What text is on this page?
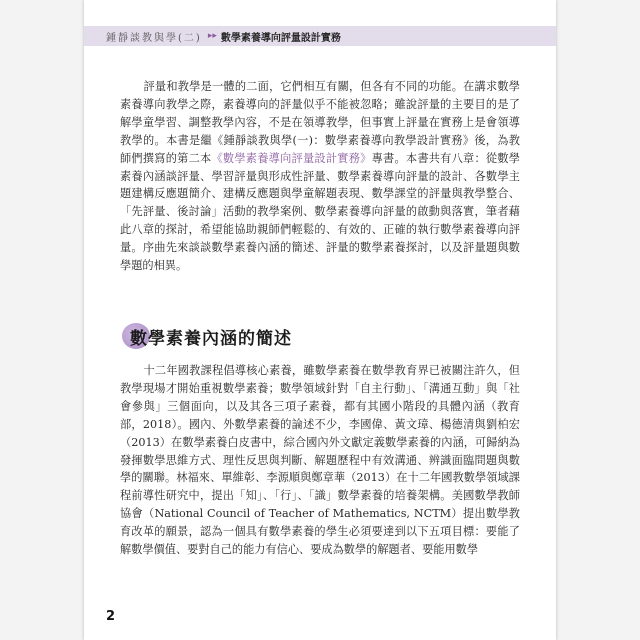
鍾靜談教與學(二) ▸▸ 數學素養導向評量設計實務

評量和教學是一體的二面，它們相互有關，但各有不同的功能。在講求數學素養導向教學之際，素養導向的評量似乎不能被忽略；雖說評量的主要目的是了解學童學習、調整教學內容，不是在領導教學，但事實上評量在實務上是會領導教學的。本書是繼《鍾靜談教與學(一)：數學素養導向教學設計實務》後，為教師們撰寫的第二本《數學素養導向評量設計實務》專書。本書共有八章：從數學素養內涵談評量、學習評量與形成性評量、數學素養導向評量的設計、各數學主題建構反應題簡介、建構反應題與學童解題表現、數學課堂的評量與教學整合、「先評量、後討論」活動的教學案例、數學素養導向評量的啟動與落實，筆者藉此八章的探討，希望能協助親師們輕鬆的、有效的、正確的執行數學素養導向評量。序曲先來談談數學素養內涵的簡述、評量的數學素養探討，以及評量題與數學題的相異。

數學素養內涵的簡述

十二年國教課程倡導核心素養，雖數學素養在數學教育界已被關注許久，但教學現場才開始重視數學素養；數學領域針對「自主行動」、「溝通互動」與「社會參與」三個面向，以及其各三項子素養，都有其國小階段的具體內涵（教育部，2018）。國內、外數學素養的論述不少，李國偉、黃文璋、楊德清與劉柏宏（2013）在數學素養白皮書中，綜合國內外文獻定義數學素養的內涵，可歸納為發揮數學思維方式、理性反思與判斷、解題歷程中有效溝通、辨識面臨問題與數學的關聯。林福來、單維彰、李源順與鄭章華（2013）在十二年國教數學領域課程前導性研究中，提出「知」、「行」、「識」數學素養的培養架構。美國數學教師協會（National Council of Teacher of Mathematics, NCTM）提出數學教育改革的願景，認為一個具有數學素養的學生必須要達到以下五項目標：要能了解數學價值、要對自己的能力有信心、要成為數學的解題者、要能用數學

2
